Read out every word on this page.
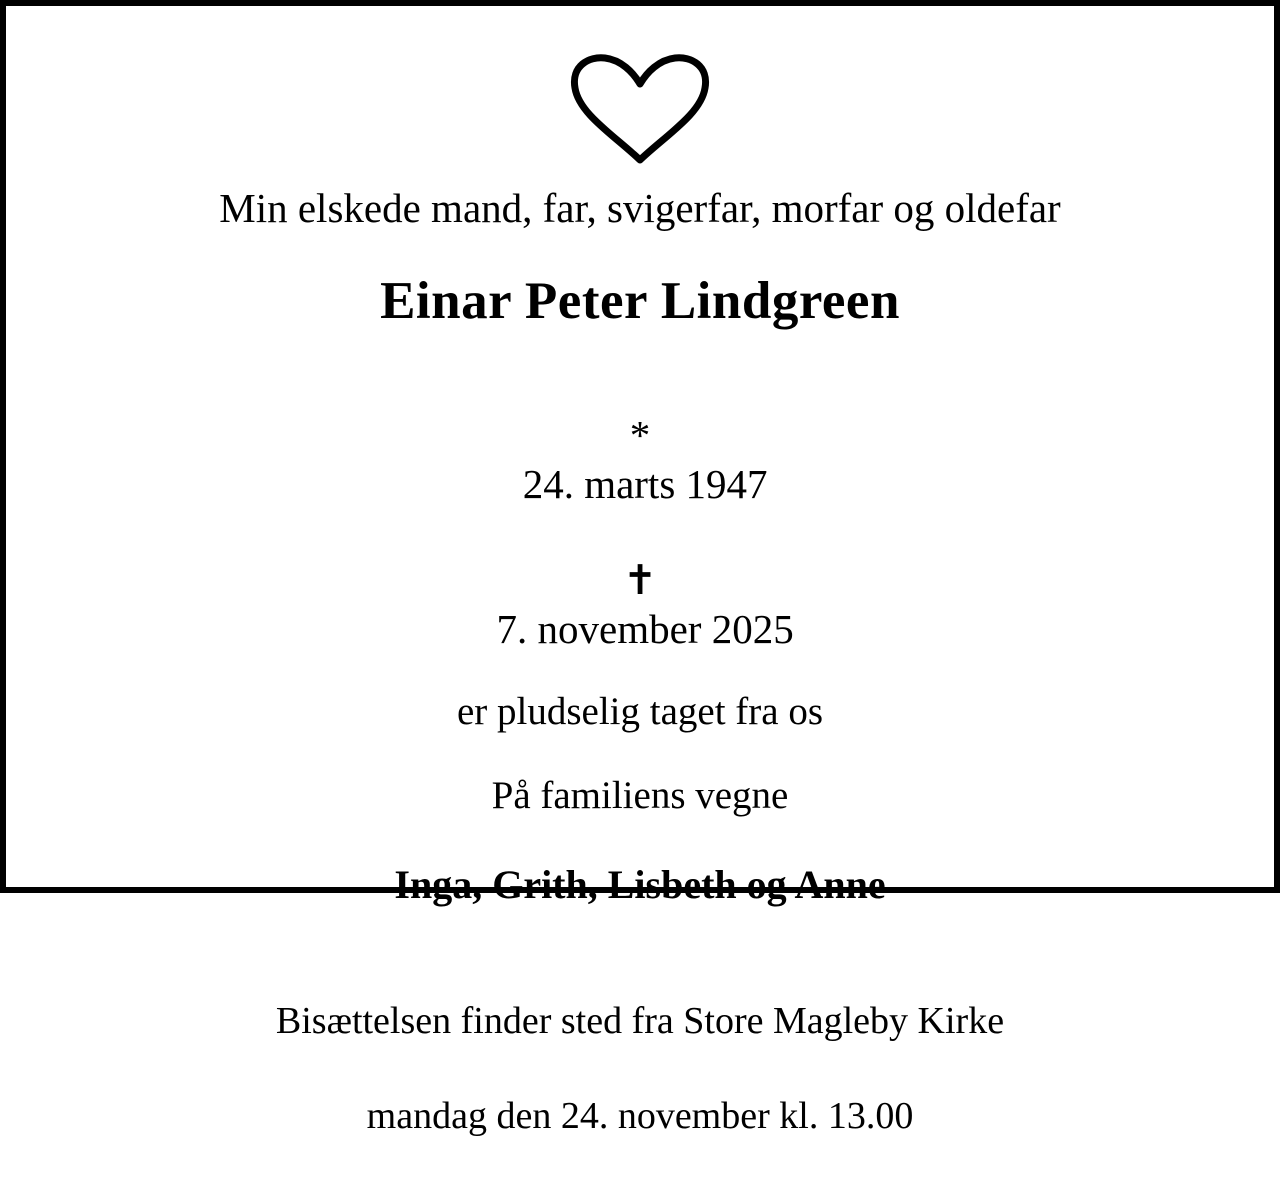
Min elskede mand, far, svigerfar, morfar og oldefar
Einar Peter Lindgreen

*
24. marts 1947

✝
7. november 2025

er pludselig taget fra os
På familiens vegne
Inga, Grith, Lisbeth og Anne

Bisættelsen finder sted fra Store Magleby Kirke

mandag den 24. november kl. 13.00
